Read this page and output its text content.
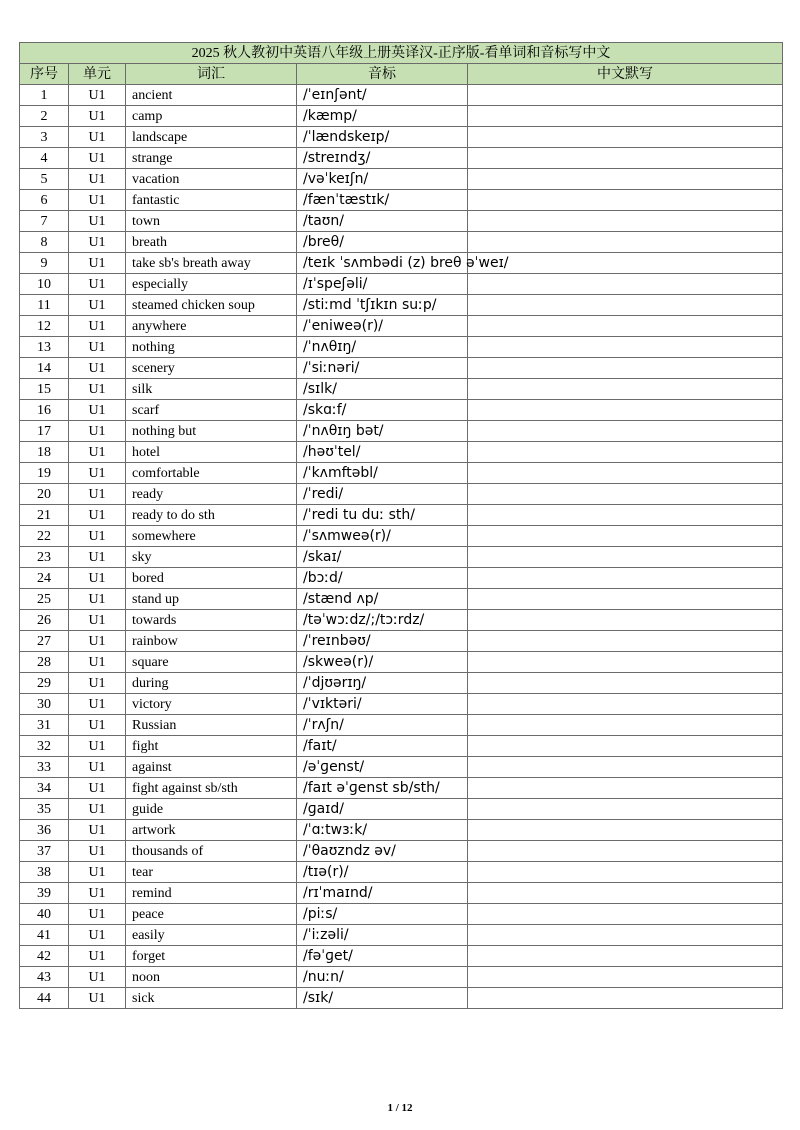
2025 秋人教初中英语八年级上册英译汉-正序版-看单词和音标写中文				
序号	单元	词汇	音标	中文默写
1	U1	ancient	/ˈeɪnʃənt/	
2	U1	camp	/kæmp/	
3	U1	landscape	/ˈlændskeɪp/	
4	U1	strange	/streɪndʒ/	
5	U1	vacation	/vəˈkeɪʃn/	
6	U1	fantastic	/fænˈtæstɪk/	
7	U1	town	/taʊn/	
8	U1	breath	/breθ/	
9	U1	take sb's breath away	/teɪk ˈsʌmbədi (z) breθ əˈweɪ/	
10	U1	especially	/ɪˈspeʃəli/	
11	U1	steamed chicken soup	/stiːmd ˈtʃɪkɪn suːp/	
12	U1	anywhere	/ˈeniweə(r)/	
13	U1	nothing	/ˈnʌθɪŋ/	
14	U1	scenery	/ˈsiːnəri/	
15	U1	silk	/sɪlk/	
16	U1	scarf	/skɑːf/	
17	U1	nothing but	/ˈnʌθɪŋ bət/	
18	U1	hotel	/həʊˈtel/	
19	U1	comfortable	/ˈkʌmftəbl/	
20	U1	ready	/ˈredi/	
21	U1	ready to do sth	/ˈredi tu duː sth/	
22	U1	somewhere	/ˈsʌmweə(r)/	
23	U1	sky	/skaɪ/	
24	U1	bored	/bɔːd/	
25	U1	stand up	/stænd ʌp/	
26	U1	towards	/təˈwɔːdz/;/tɔːrdz/	
27	U1	rainbow	/ˈreɪnbəʊ/	
28	U1	square	/skweə(r)/	
29	U1	during	/ˈdjʊərɪŋ/	
30	U1	victory	/ˈvɪktəri/	
31	U1	Russian	/ˈrʌʃn/	
32	U1	fight	/faɪt/	
33	U1	against	/əˈɡenst/	
34	U1	fight against sb/sth	/faɪt əˈɡenst sb/sth/	
35	U1	guide	/ɡaɪd/	
36	U1	artwork	/ˈɑːtwɜːk/	
37	U1	thousands of	/ˈθaʊzndz əv/	
38	U1	tear	/tɪə(r)/	
39	U1	remind	/rɪˈmaɪnd/	
40	U1	peace	/piːs/	
41	U1	easily	/ˈiːzəli/	
42	U1	forget	/fəˈɡet/	
43	U1	noon	/nuːn/	
44	U1	sick	/sɪk/	
1 / 12
